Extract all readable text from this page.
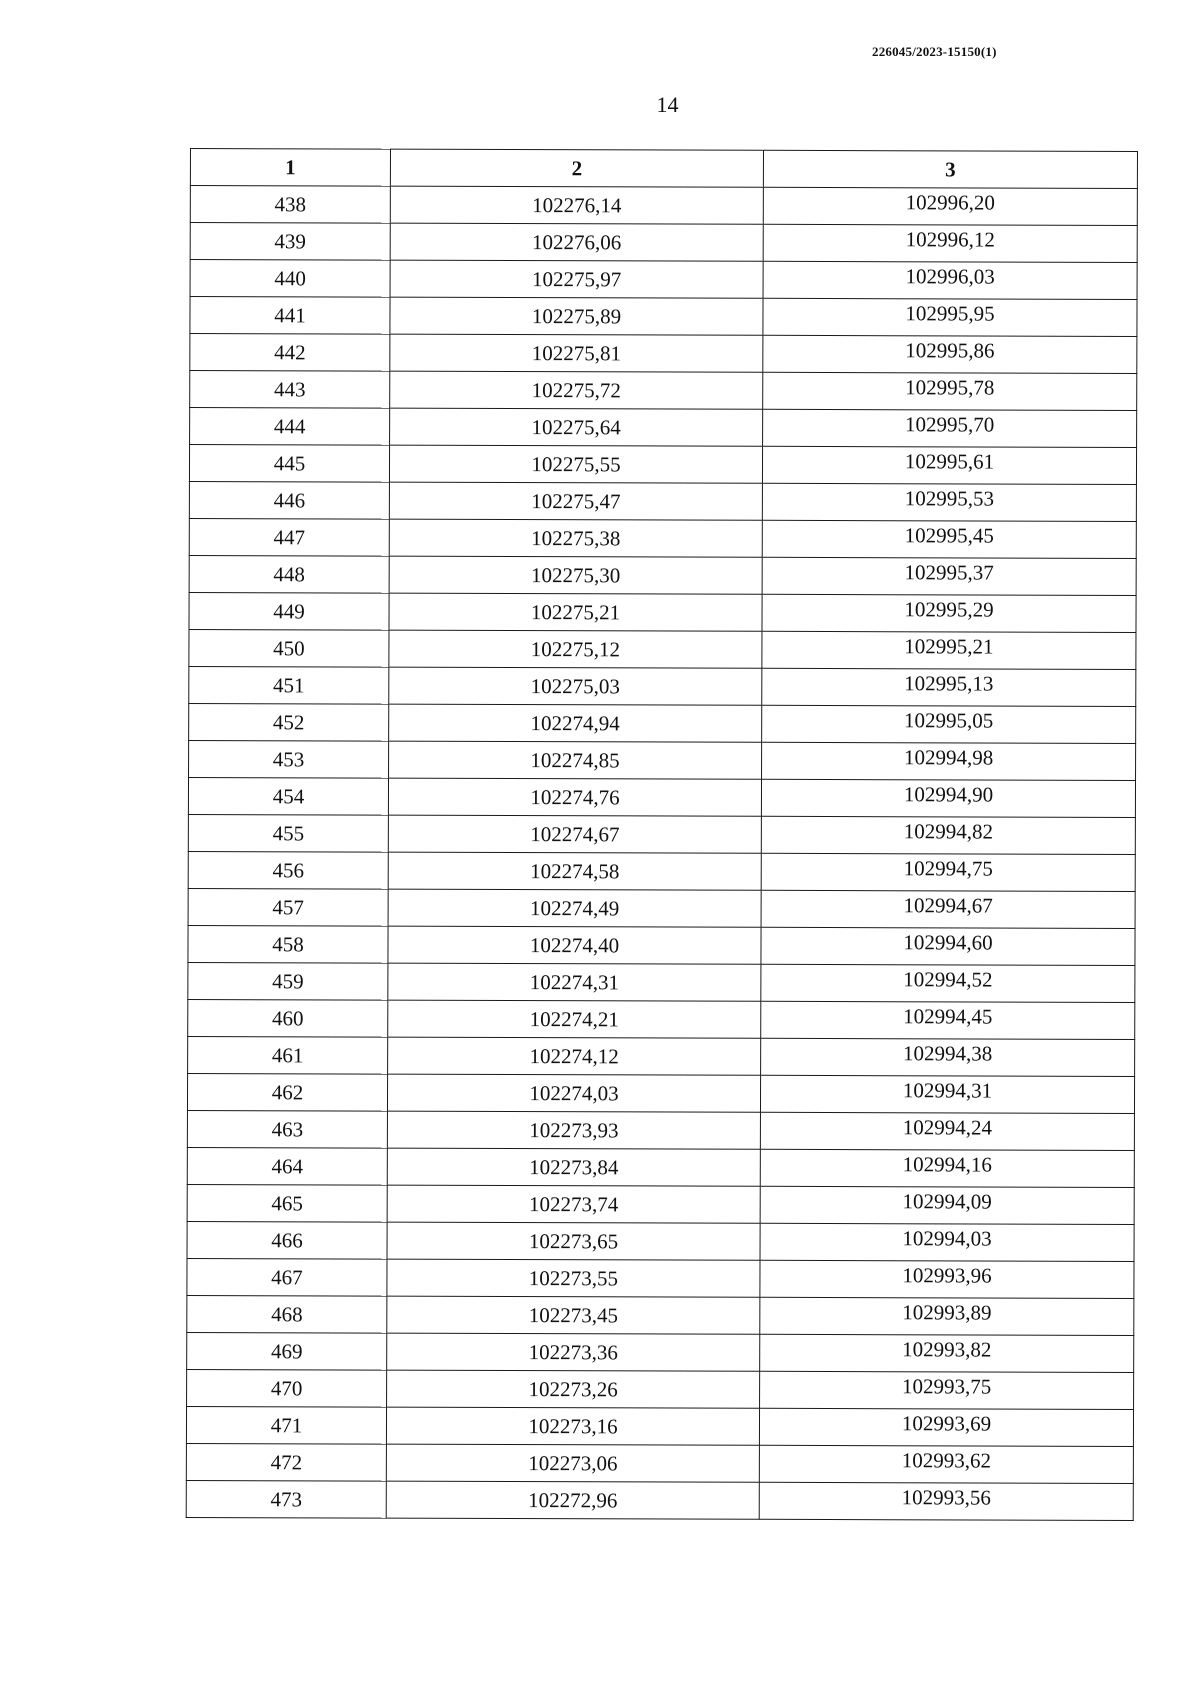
226045/2023-15150(1)
14
1	2	3
438	102276,14	102996,20
439	102276,06	102996,12
440	102275,97	102996,03
441	102275,89	102995,95
442	102275,81	102995,86
443	102275,72	102995,78
444	102275,64	102995,70
445	102275,55	102995,61
446	102275,47	102995,53
447	102275,38	102995,45
448	102275,30	102995,37
449	102275,21	102995,29
450	102275,12	102995,21
451	102275,03	102995,13
452	102274,94	102995,05
453	102274,85	102994,98
454	102274,76	102994,90
455	102274,67	102994,82
456	102274,58	102994,75
457	102274,49	102994,67
458	102274,40	102994,60
459	102274,31	102994,52
460	102274,21	102994,45
461	102274,12	102994,38
462	102274,03	102994,31
463	102273,93	102994,24
464	102273,84	102994,16
465	102273,74	102994,09
466	102273,65	102994,03
467	102273,55	102993,96
468	102273,45	102993,89
469	102273,36	102993,82
470	102273,26	102993,75
471	102273,16	102993,69
472	102273,06	102993,62
473	102272,96	102993,56
